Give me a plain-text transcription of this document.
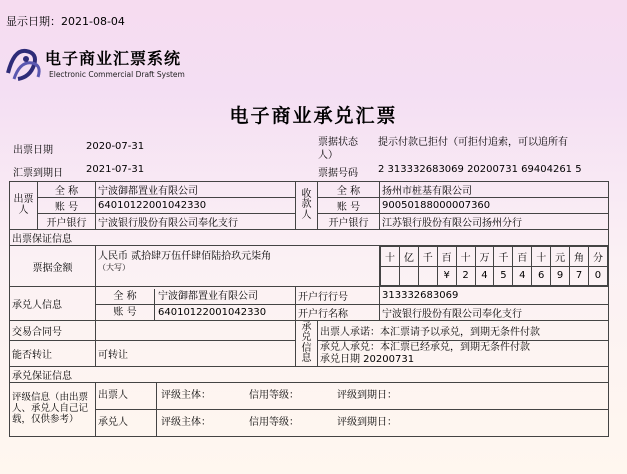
显示日期：2021-08-04
电子商业汇票系统
Electronic Commercial Draft System
电子商业承兑汇票
出票日期	2020-07-31
汇票到期日 2021-07-31
票据状态 提示付款已拒付（可拒付追索，可以追所有
人）
票据号码 2 313332683069 20200731 69404261 5
出票人	全 称	宁波御都置业有限公司	收款人	全 称	扬州市桩基有限公司
账 号	64010122001042330	账 号	90050188000007360
开户银行	宁波银行股份有限公司奉化支行	开户银行	江苏银行股份有限公司扬州分行
出票保证信息
票据金额	
人民币 贰拾肆万伍仟肆佰陆拾玖元柒角
（大写）

十	亿	千	百	十	万	千	百	十	元	角	分
			¥	2	4	5	4	6	9	7	0

承兑人信息	全 称 宁波御都置业有限公司	开户行行号	313332683069
账 号 64010122001042330	开户行名称	宁波银行股份有限公司奉化支行
交易合同号		承兑信息	出票人承诺：本汇票请予以承兑，到期无条件付款
能否转让	可转让	
承兑人承兑：本汇票已经承兑，到期无条件付款
承兑日期 20200731

承兑保证信息
评级信息（由出票人、承兑人自己记载，仅供参考）	出票人	评级主体：	信用等级：	评级到期日：
承兑人	评级主体：	信用等级：	评级到期日：
